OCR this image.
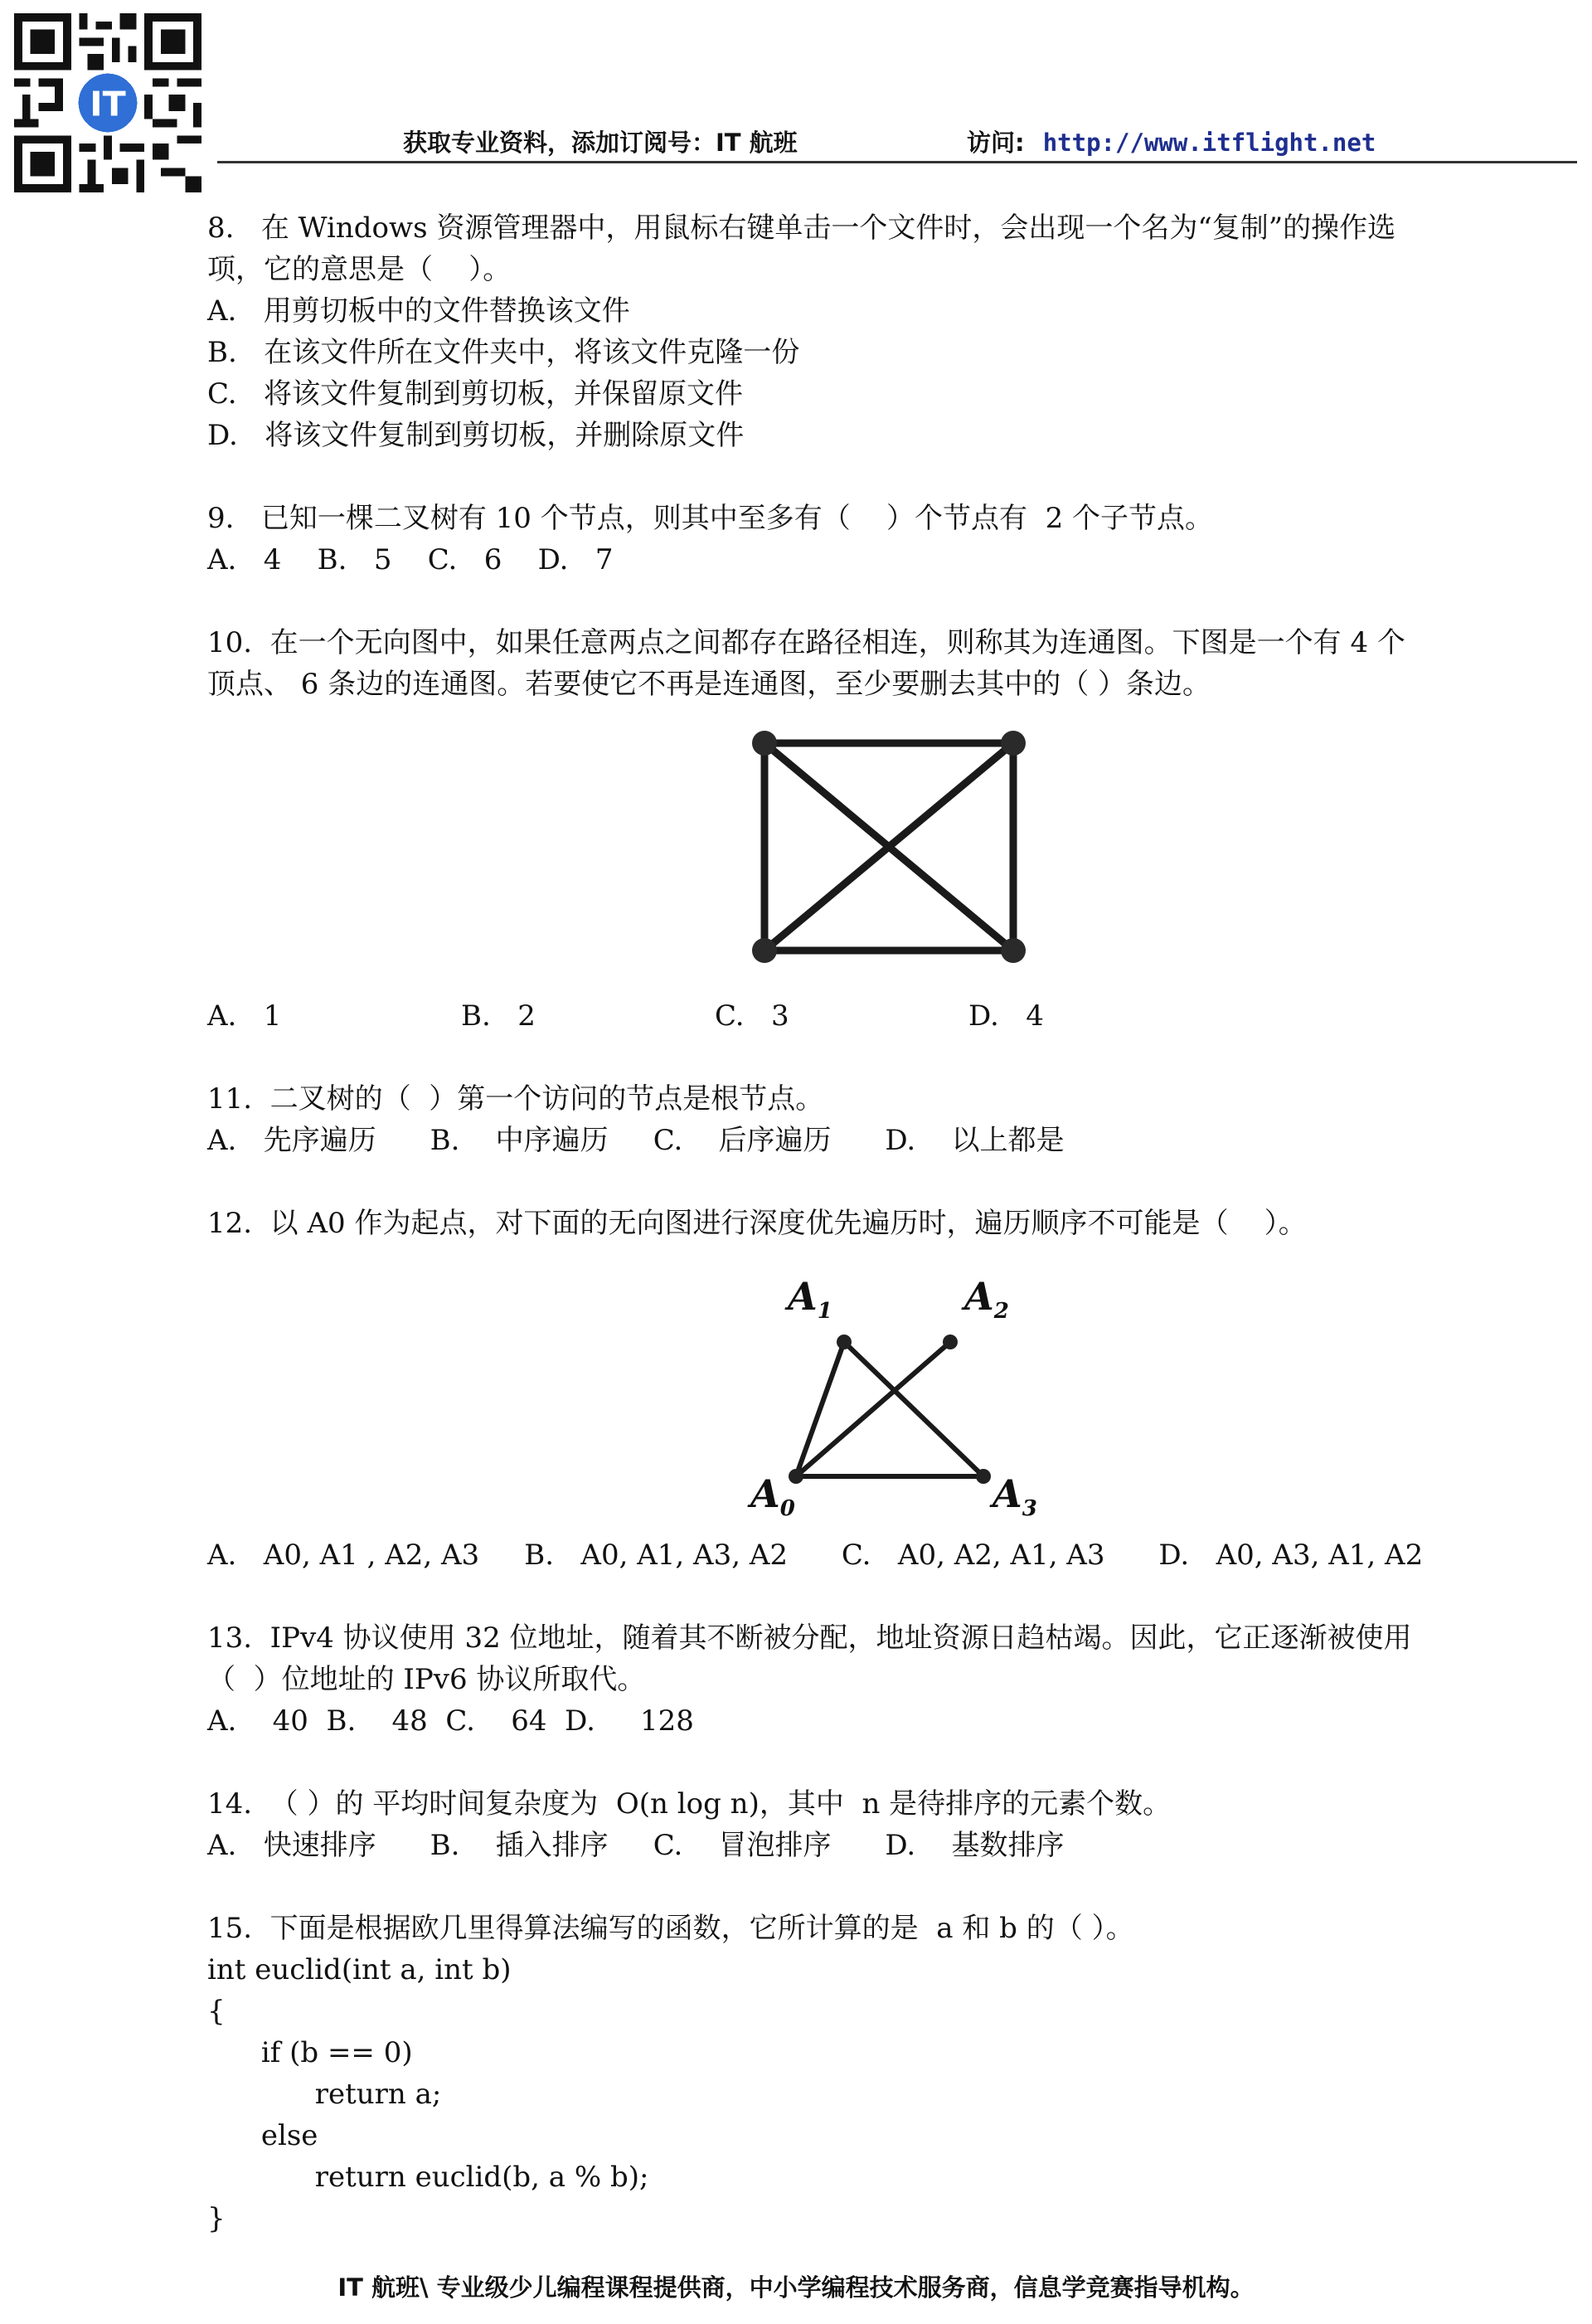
IT
获取专业资料，添加订阅号：IT 航班	访问: http://www.itflight.net
8.   在 Windows 资源管理器中，用鼠标右键单击一个文件时，会出现一个名为“复制”的操作选
项，它的意思是（    ）。
A.   用剪切板中的文件替换该文件
B.   在该文件所在文件夹中，将该文件克隆一份
C.   将该文件复制到剪切板，并保留原文件
D.   将该文件复制到剪切板，并删除原文件
9.   已知一棵二叉树有 10 个节点，则其中至多有（    ）个节点有  2 个子节点。
A.   4    B.   5    C.   6    D.   7
10.  在一个无向图中，如果任意两点之间都存在路径相连，则称其为连通图。下图是一个有 4 个
顶点、 6 条边的连通图。若要使它不再是连通图，至少要删去其中的（ ）条边。
A.   1	B.   2	C.   3	D.   4
11.  二叉树的（  ）第一个访问的节点是根节点。
A.   先序遍历      B.    中序遍历     C.    后序遍历      D.    以上都是
12.  以 A0 作为起点，对下面的无向图进行深度优先遍历时，遍历顺序不可能是（    ）。
$A_1$	$A_2$
$A_0$	$A_3$
A.   A0, A1 , A2, A3     B.   A0, A1, A3, A2      C.   A0, A2, A1, A3      D.   A0, A3, A1, A2
13.  IPv4 协议使用 32 位地址，随着其不断被分配，地址资源日趋枯竭。因此，它正逐渐被使用
（  ）位地址的 IPv6 协议所取代。
A.    40  B.    48  C.    64  D.     128
14.  （ ）的 平均时间复杂度为  O(n log n)，其中  n 是待排序的元素个数。
A.   快速排序      B.    插入排序     C.    冒泡排序      D.    基数排序
15.  下面是根据欧几里得算法编写的函数，它所计算的是  a 和 b 的（ ）。
int euclid(int a, int b)
{
if (b == 0)
return a;
else
return euclid(b, a % b);
}
IT 航班\ 专业级少儿编程课程提供商，中小学编程技术服务商，信息学竞赛指导机构。
